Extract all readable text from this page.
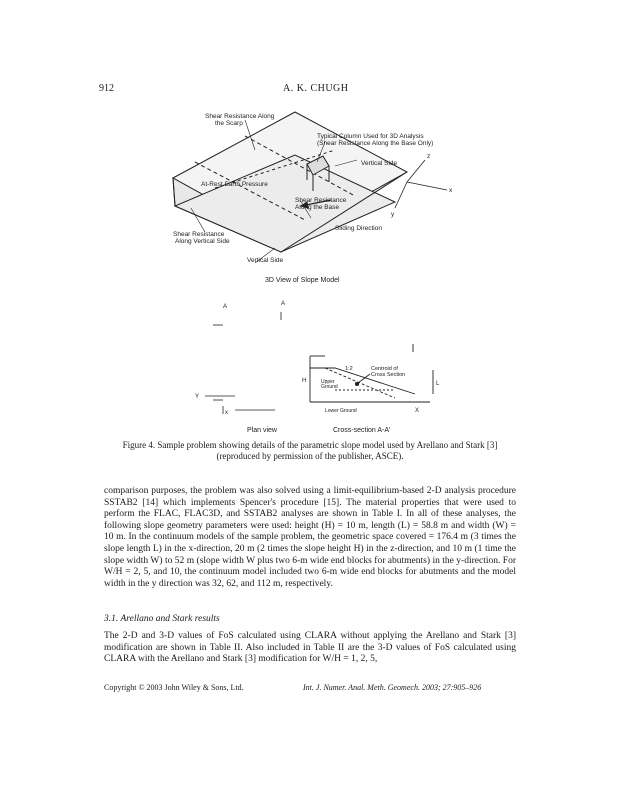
912	A. K. CHUGH
Shear Resistance Along
the Scarp
Typical Column Used for 3D Analysis
(Shear Resistance Along the Base Only)
Vertical Side
At-Rest Earth Pressure
Shear Resistance
Along the Base
Shear Resistance
Along Vertical Side
Sliding Direction
Vertical Side
x
y
z
3D View of Slope Model
A	A
Y
x
Plan view
Centroid of
Cross Section
Upper
Ground
Lower Ground
H	L
1:2
X
Cross-section A-A'
Figure 4. Sample problem showing details of the parametric slope model used by Arellano and Stark [3] (reproduced by permission of the publisher, ASCE).

comparison purposes, the problem was also solved using a limit-equilibrium-based 2-D analysis procedure SSTAB2 [14] which implements Spencer's procedure [15]. The material properties that were used to perform the FLAC, FLAC3D, and SSTAB2 analyses are shown in Table I. In all of these analyses, the following slope geometry parameters were used: height (H) = 10 m, length (L) = 58.8 m and width (W) = 10 m. In the continuum models of the sample problem, the geometric space covered = 176.4 m (3 times the slope length L) in the x-direction, 20 m (2 times the slope height H) in the z-direction, and 10 m (1 time the slope width W) to 52 m (slope width W plus two 6-m wide end blocks for abutments) in the y-direction. For W/H = 2, 5, and 10, the continuum model included two 6-m wide end blocks for abutments and the model width in the y direction was 32, 62, and 112 m, respectively.

3.1. Arellano and Stark results

The 2-D and 3-D values of FoS calculated using CLARA without applying the Arellano and Stark [3] modification are shown in Table II. Also included in Table II are the 3-D values of FoS calculated using CLARA with the Arellano and Stark [3] modification for W/H = 1, 2, 5,

Copyright © 2003 John Wiley & Sons, Ltd.	Int. J. Numer. Anal. Meth. Geomech. 2003; 27:905–926
